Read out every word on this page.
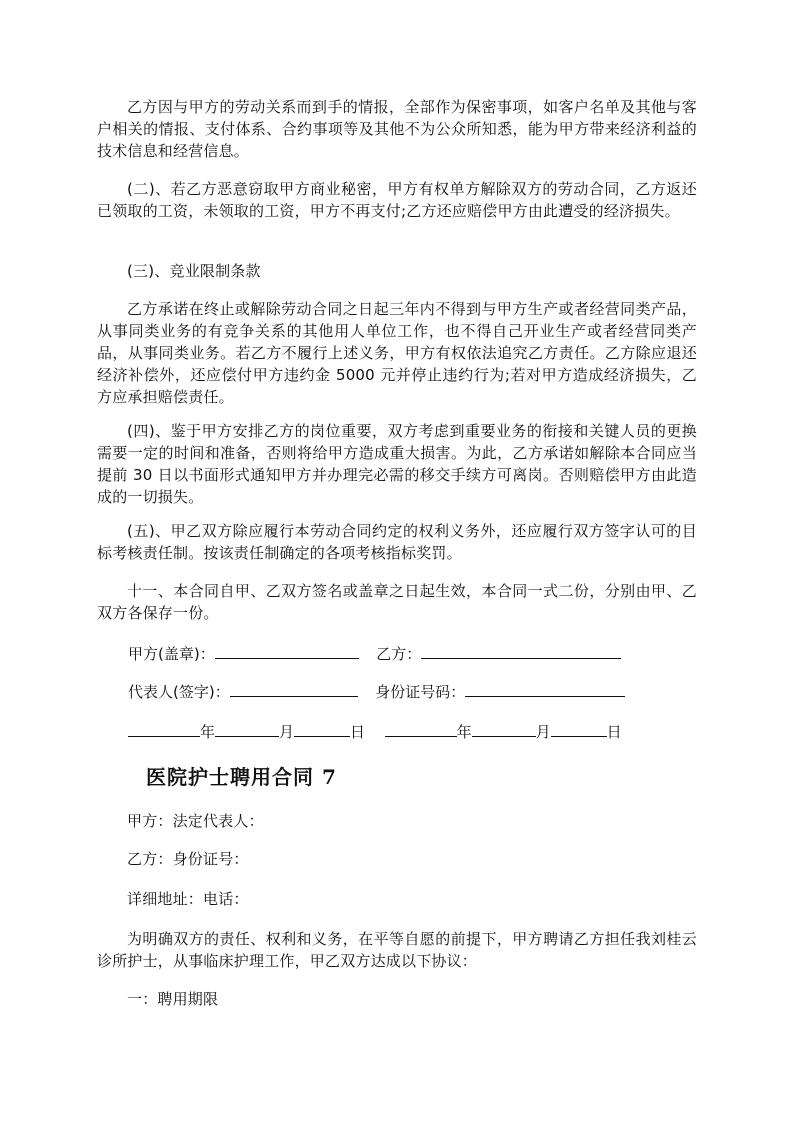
乙方因与甲方的劳动关系而到手的情报，全部作为保密事项，如客户名单及其他与客户相关的情报、支付体系、合约事项等及其他不为公众所知悉，能为甲方带来经济利益的技术信息和经营信息。

(二)、若乙方恶意窃取甲方商业秘密，甲方有权单方解除双方的劳动合同，乙方返还已领取的工资，未领取的工资，甲方不再支付;乙方还应赔偿甲方由此遭受的经济损失。

(三)、竞业限制条款

乙方承诺在终止或解除劳动合同之日起三年内不得到与甲方生产或者经营同类产品，从事同类业务的有竞争关系的其他用人单位工作，也不得自己开业生产或者经营同类产品，从事同类业务。若乙方不履行上述义务，甲方有权依法追究乙方责任。乙方除应退还经济补偿外，还应偿付甲方违约金 5000 元并停止违约行为;若对甲方造成经济损失，乙方应承担赔偿责任。

(四)、鉴于甲方安排乙方的岗位重要，双方考虑到重要业务的衔接和关键人员的更换需要一定的时间和准备，否则将给甲方造成重大损害。为此，乙方承诺如解除本合同应当提前 30 日以书面形式通知甲方并办理完必需的移交手续方可离岗。否则赔偿甲方由此造成的一切损失。

(五)、甲乙双方除应履行本劳动合同约定的权利义务外，还应履行双方签字认可的目标考核责任制。按该责任制确定的各项考核指标奖罚。

十一、本合同自甲、乙双方签名或盖章之日起生效，本合同一式二份，分别由甲、乙双方各保存一份。

甲方(盖章)：	乙方：
代表人(签字)：	身份证号码：
年	月	日	年	月	日
医院护士聘用合同 7

甲方：法定代表人：

乙方：身份证号：

详细地址：电话：

为明确双方的责任、权利和义务，在平等自愿的前提下，甲方聘请乙方担任我刘桂云诊所护士，从事临床护理工作，甲乙双方达成以下协议：

一：聘用期限
